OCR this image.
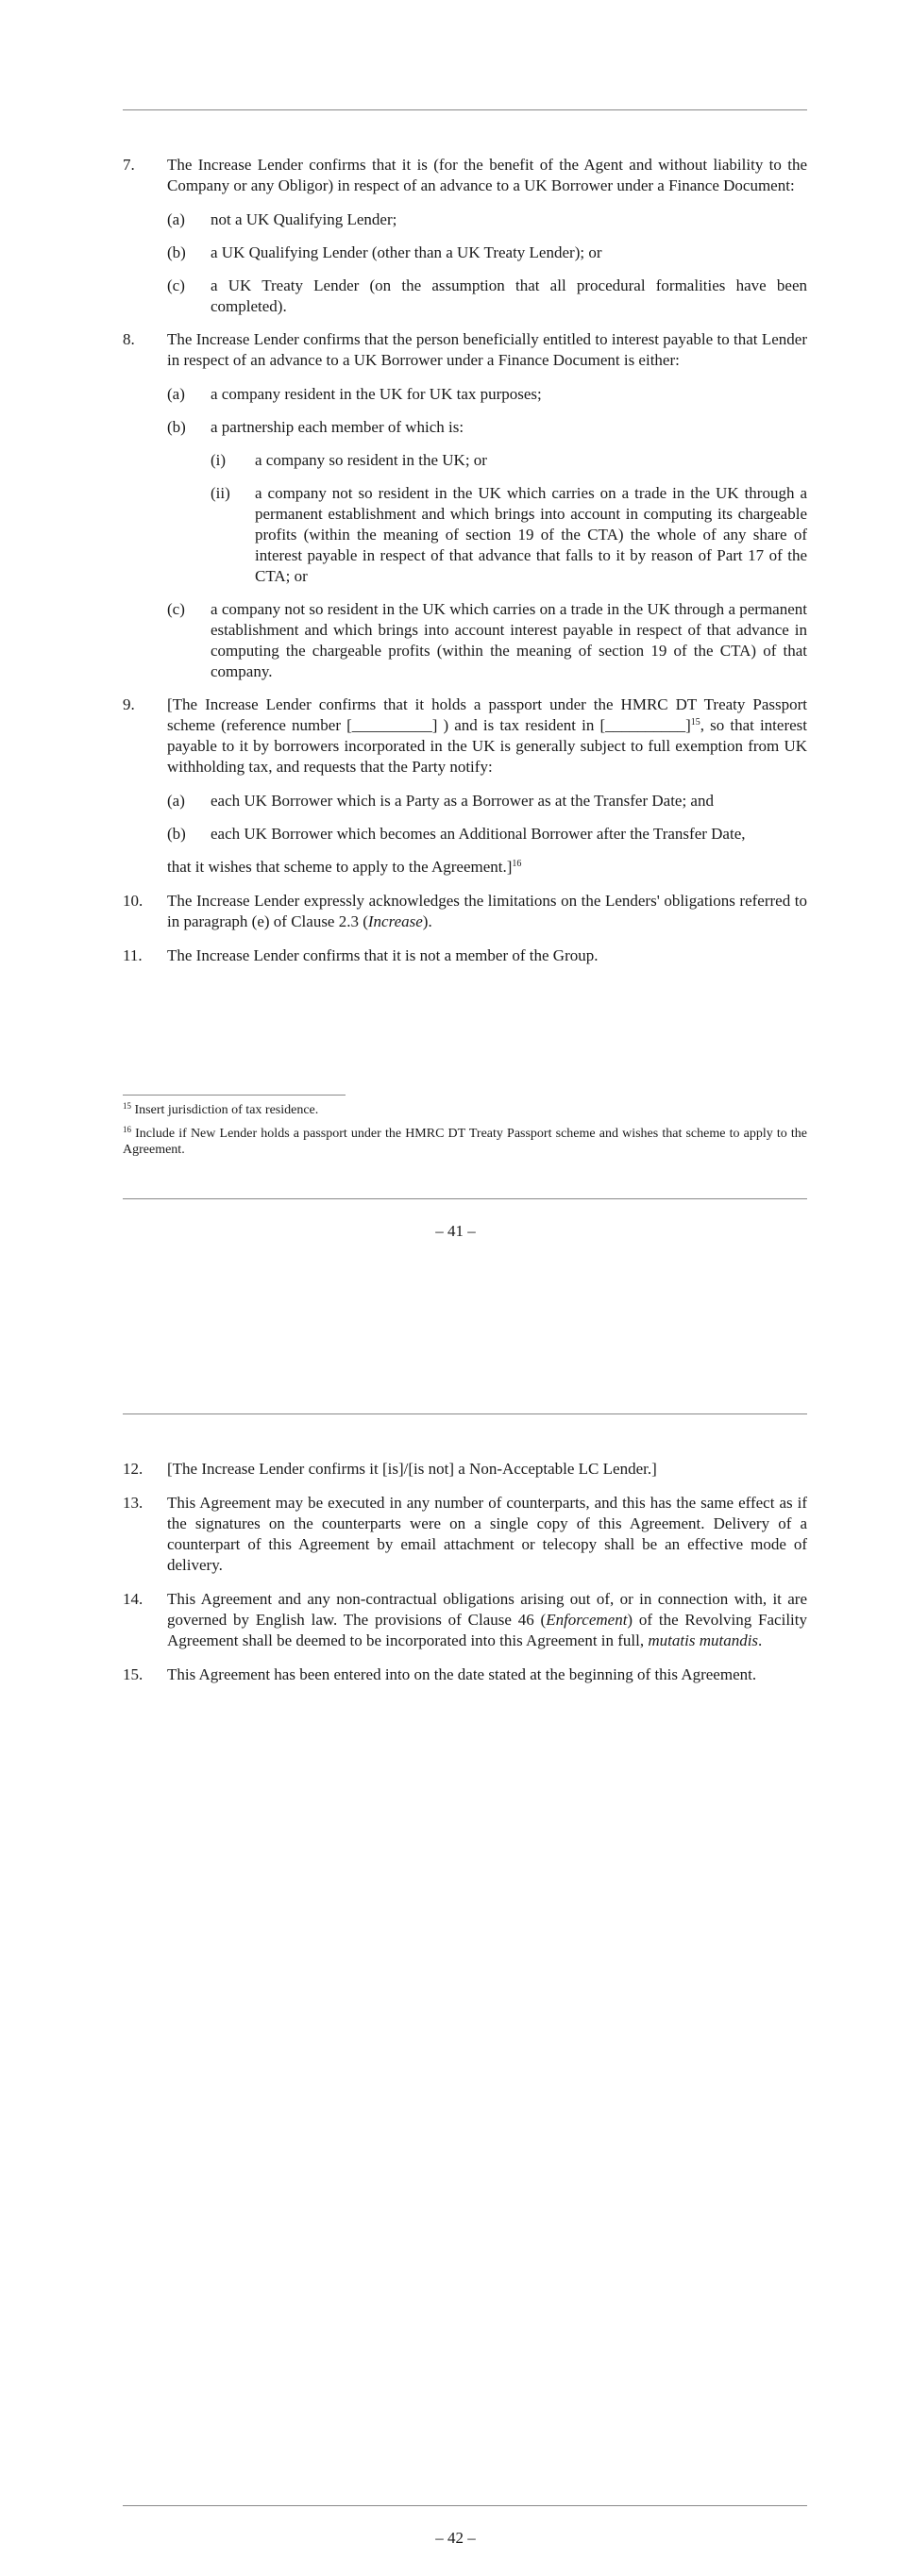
7.	The Increase Lender confirms that it is (for the benefit of the Agent and without liability to the Company or any Obligor) in respect of an advance to a UK Borrower under a Finance Document:
(a)	not a UK Qualifying Lender;
(b)	a UK Qualifying Lender (other than a UK Treaty Lender); or
(c)	a UK Treaty Lender (on the assumption that all procedural formalities have been completed).
8.	The Increase Lender confirms that the person beneficially entitled to interest payable to that Lender in respect of an advance to a UK Borrower under a Finance Document is either:
(a)	a company resident in the UK for UK tax purposes;
(b)	a partnership each member of which is:
(i)	a company so resident in the UK; or
(ii)	a company not so resident in the UK which carries on a trade in the UK through a permanent establishment and which brings into account in computing its chargeable profits (within the meaning of section 19 of the CTA) the whole of any share of interest payable in respect of that advance that falls to it by reason of Part 17 of the CTA; or
(c)	a company not so resident in the UK which carries on a trade in the UK through a permanent establishment and which brings into account interest payable in respect of that advance in computing the chargeable profits (within the meaning of section 19 of the CTA) of that company.
9.	[The Increase Lender confirms that it holds a passport under the HMRC DT Treaty Passport scheme (reference number [__________] ) and is tax resident in [__________]$^{15}$, so that interest payable to it by borrowers incorporated in the UK is generally subject to full exemption from UK withholding tax, and requests that the Party notify:
(a)	each UK Borrower which is a Party as a Borrower as at the Transfer Date; and
(b)	each UK Borrower which becomes an Additional Borrower after the Transfer Date,
that it wishes that scheme to apply to the Agreement.]$^{16}$
10.	The Increase Lender expressly acknowledges the limitations on the Lenders' obligations referred to in paragraph (e) of Clause 2.3 (Increase).
11.	The Increase Lender confirms that it is not a member of the Group.

$^{15}$ Insert jurisdiction of tax residence.

$^{16}$ Include if New Lender holds a passport under the HMRC DT Treaty Passport scheme and wishes that scheme to apply to the Agreement.

– 41 –
12.	[The Increase Lender confirms it [is]/[is not] a Non-Acceptable LC Lender.]
13.	This Agreement may be executed in any number of counterparts, and this has the same effect as if the signatures on the counterparts were on a single copy of this Agreement. Delivery of a counterpart of this Agreement by email attachment or telecopy shall be an effective mode of delivery.
14.	This Agreement and any non-contractual obligations arising out of, or in connection with, it are governed by English law. The provisions of Clause 46 (Enforcement) of the Revolving Facility Agreement shall be deemed to be incorporated into this Agreement in full, mutatis mutandis.
15.	This Agreement has been entered into on the date stated at the beginning of this Agreement.
– 42 –
